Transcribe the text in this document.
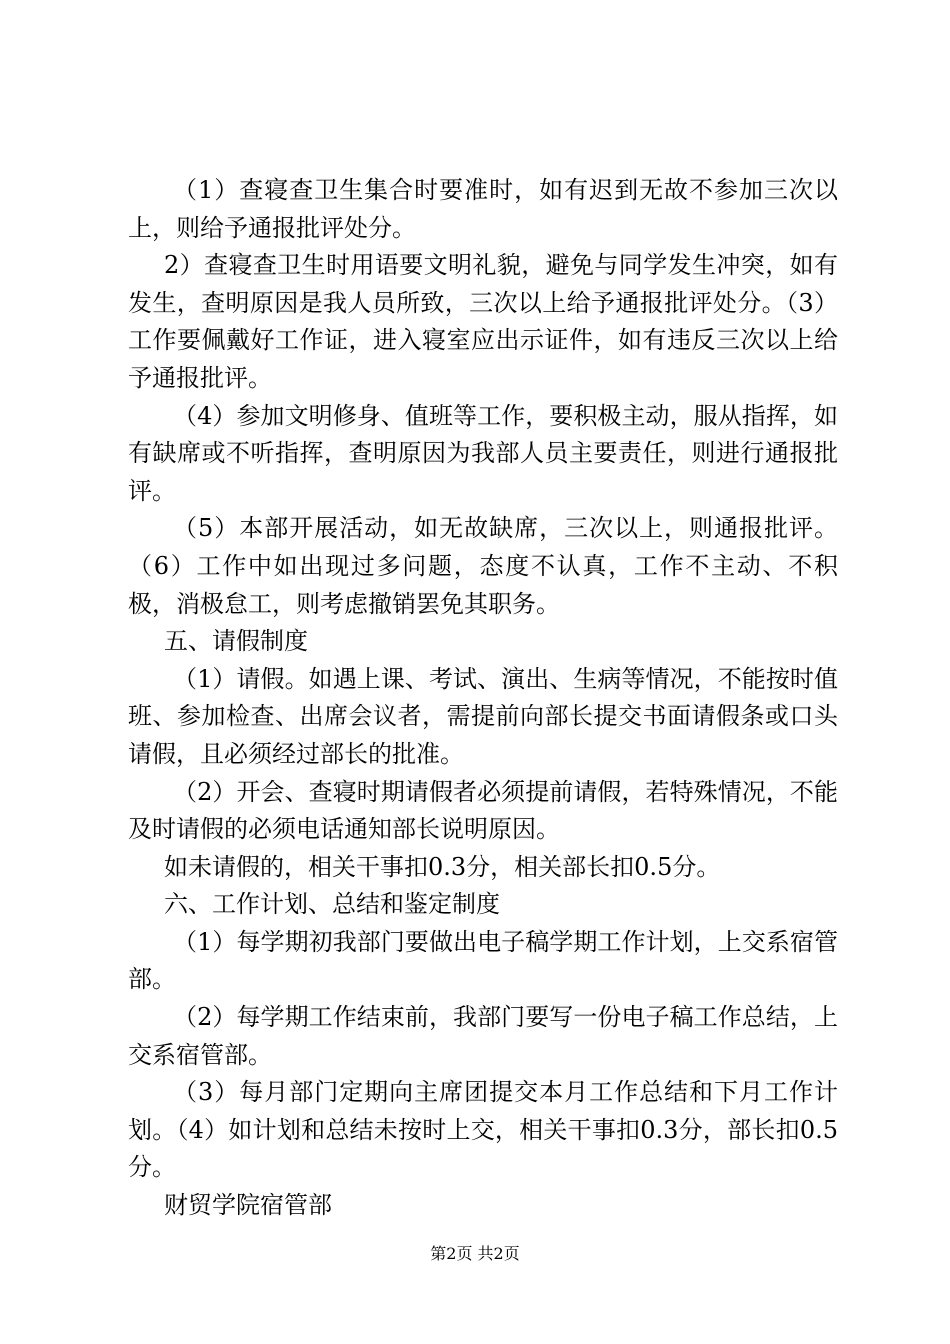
（1）查寝查卫生集合时要准时，如有迟到无故不参加三次以上，则给予通报批评处分。

2）查寝查卫生时用语要文明礼貌，避免与同学发生冲突，如有发生，查明原因是我人员所致，三次以上给予通报批评处分。（3）工作要佩戴好工作证，进入寝室应出示证件，如有违反三次以上给予通报批评。

（4）参加文明修身、值班等工作，要积极主动，服从指挥，如有缺席或不听指挥，查明原因为我部人员主要责任，则进行通报批评。

（5）本部开展活动，如无故缺席，三次以上，则通报批评。（6）工作中如出现过多问题，态度不认真，工作不主动、不积极，消极怠工，则考虑撤销罢免其职务。

五、请假制度

（1）请假。如遇上课、考试、演出、生病等情况，不能按时值班、参加检查、出席会议者，需提前向部长提交书面请假条或口头请假，且必须经过部长的批准。

（2）开会、查寝时期请假者必须提前请假，若特殊情况，不能及时请假的必须电话通知部长说明原因。

如未请假的，相关干事扣0.3分，相关部长扣0.5分。

六、工作计划、总结和鉴定制度

（1）每学期初我部门要做出电子稿学期工作计划，上交系宿管部。

（2）每学期工作结束前，我部门要写一份电子稿工作总结，上交系宿管部。

（3）每月部门定期向主席团提交本月工作总结和下月工作计划。（4）如计划和总结未按时上交，相关干事扣0.3分，部长扣0.5分。

财贸学院宿管部

第2页 共2页
